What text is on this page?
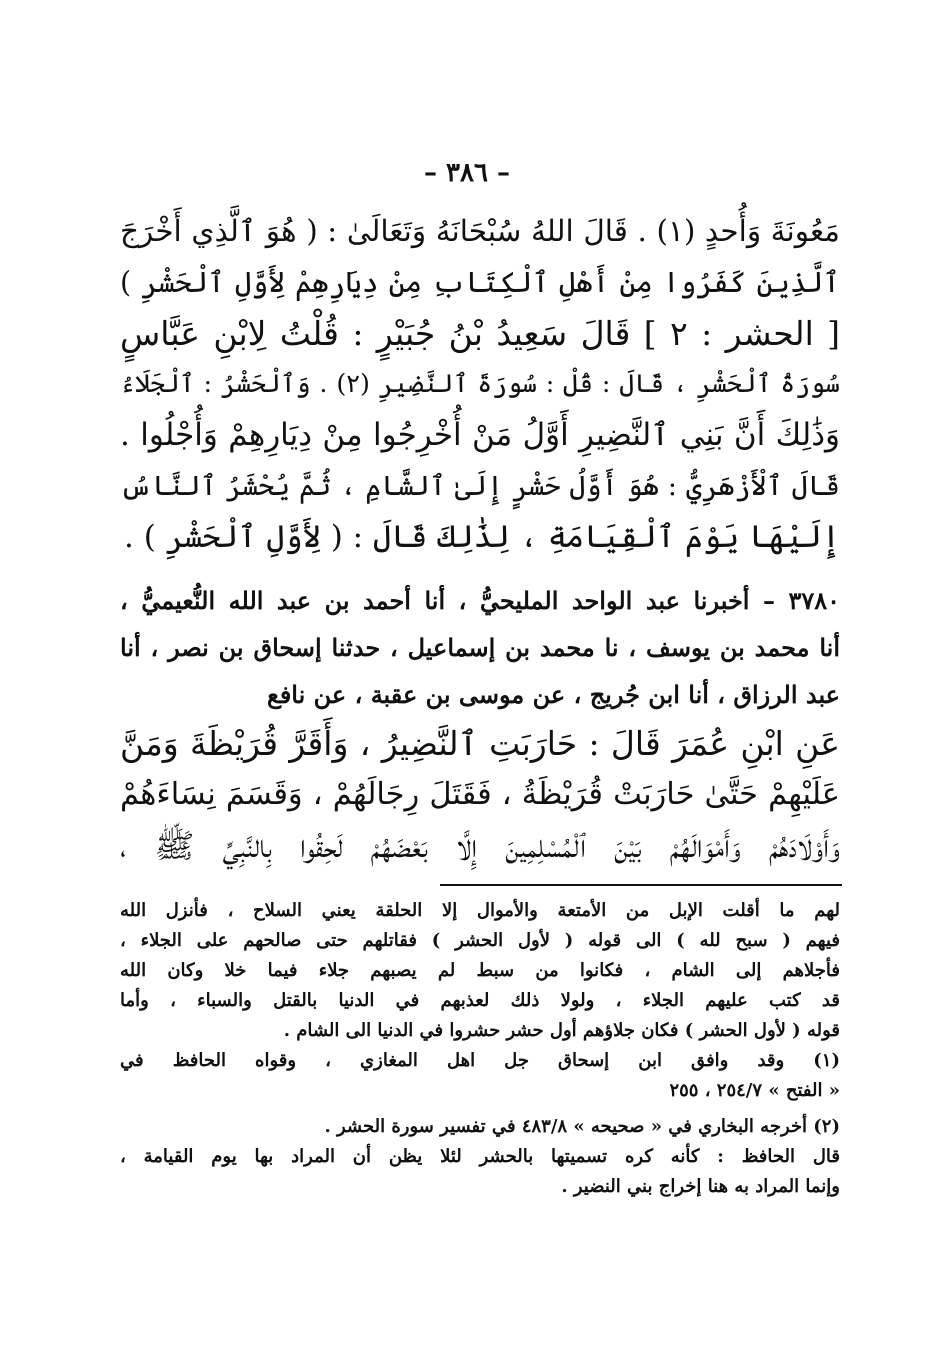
– ٣٨٦ –
مَعُونَةَ وَأُحدٍ (١) . قَالَ اللهُ سُبْحَانَهُ وَتَعَالَىٰ : ( هُوَ ٱلَّذِي أَخْرَجَ
ٱلَّذِينَ كَفَرُوا مِنْ أَهْلِ ٱلْكِتَابِ مِنْ دِيَارِهِمْ لِأَوَّلِ ٱلْحَشْرِ )
[ الحشر : ٢ ] قَالَ سَعِيدُ بْنُ جُبَيْرٍ : قُلْتُ لِابْنِ عَبَّاسٍ
سُورَةُ ٱلْحَشْرِ ، قَالَ : قُلْ : سُورَةَ ٱلنَّضِيرِ (٢) . وَٱلْحَشْرُ : ٱلْجَلَاءُ
وَذَٰلِكَ أَنَّ بَنِي ٱلنَّضِيرِ أَوَّلُ مَنْ أُخْرِجُوا مِنْ دِيَارِهِمْ وَأُجْلُوا .
قَالَ ٱلْأَزْهَرِيُّ : هُوَ أَوَّلُ حَشْرٍ إِلَىٰ ٱلشَّامِ ، ثُمَّ يُحْشَرُ ٱلنَّاسُ
إِلَيْهَا يَوْمَ ٱلْقِيَامَةِ ، لِذَٰلِكَ قَالَ : ( لِأَوَّلِ ٱلْحَشْرِ ) .
٣٧٨٠ – أخبرنا عبد الواحد المليحيُّ ، أنا أحمد بن عبد الله النُّعيميُّ ،
أنا محمد بن يوسف ، نا محمد بن إسماعيل ، حدثنا إسحاق بن نصر ، أنا
عبد الرزاق ، أنا ابن جُريج ، عن موسى بن عقبة ، عن نافع
عَنِ ابْنِ عُمَرَ قَالَ : حَارَبَتِ ٱلنَّضِيرُ ، وَأَقَرَّ قُرَيْظَةَ وَمَنَّ
عَلَيْهِمْ حَتَّىٰ حَارَبَتْ قُرَيْظَةُ ، فَقَتَلَ رِجَالَهُمْ ، وَقَسَمَ نِسَاءَهُمْ
وَأَوْلَادَهُمْ وَأَمْوَالَهُمْ بَيْنَ ٱلْمُسْلِمِينَ إِلَّا بَعْضَهُمْ لَحِقُوا بِالنَّبِيِّ ﷺ ،
لهم ما أقلت الإبل من الأمتعة والأموال إلا الحلقة يعني السلاح ، فأنزل الله
فيهم ( سبح لله ) الى قوله ( لأول الحشر ) فقاتلهم حتى صالحهم على الجلاء ،
فأجلاهم إلى الشام ، فكانوا من سبط لم يصبهم جلاء فيما خلا وكان الله
قد كتب عليهم الجلاء ، ولولا ذلك لعذبهم في الدنيا بالقتل والسباء ، وأما
قوله ( لأول الحشر ) فكان جلاؤهم أول حشر حشروا في الدنيا الى الشام .
(١) وقد وافق ابن إسحاق جل اهل المغازي ، وقواه الحافظ في
« الفتح » ٢٥٤/٧ ، ٢٥٥
(٢) أخرجه البخاري في « صحيحه » ٤٨٣/٨ في تفسير سورة الحشر .
قال الحافظ : كأنه كره تسميتها بالحشر لئلا يظن أن المراد بها يوم القيامة ،
وإنما المراد به هنا إخراج بني النضير .
